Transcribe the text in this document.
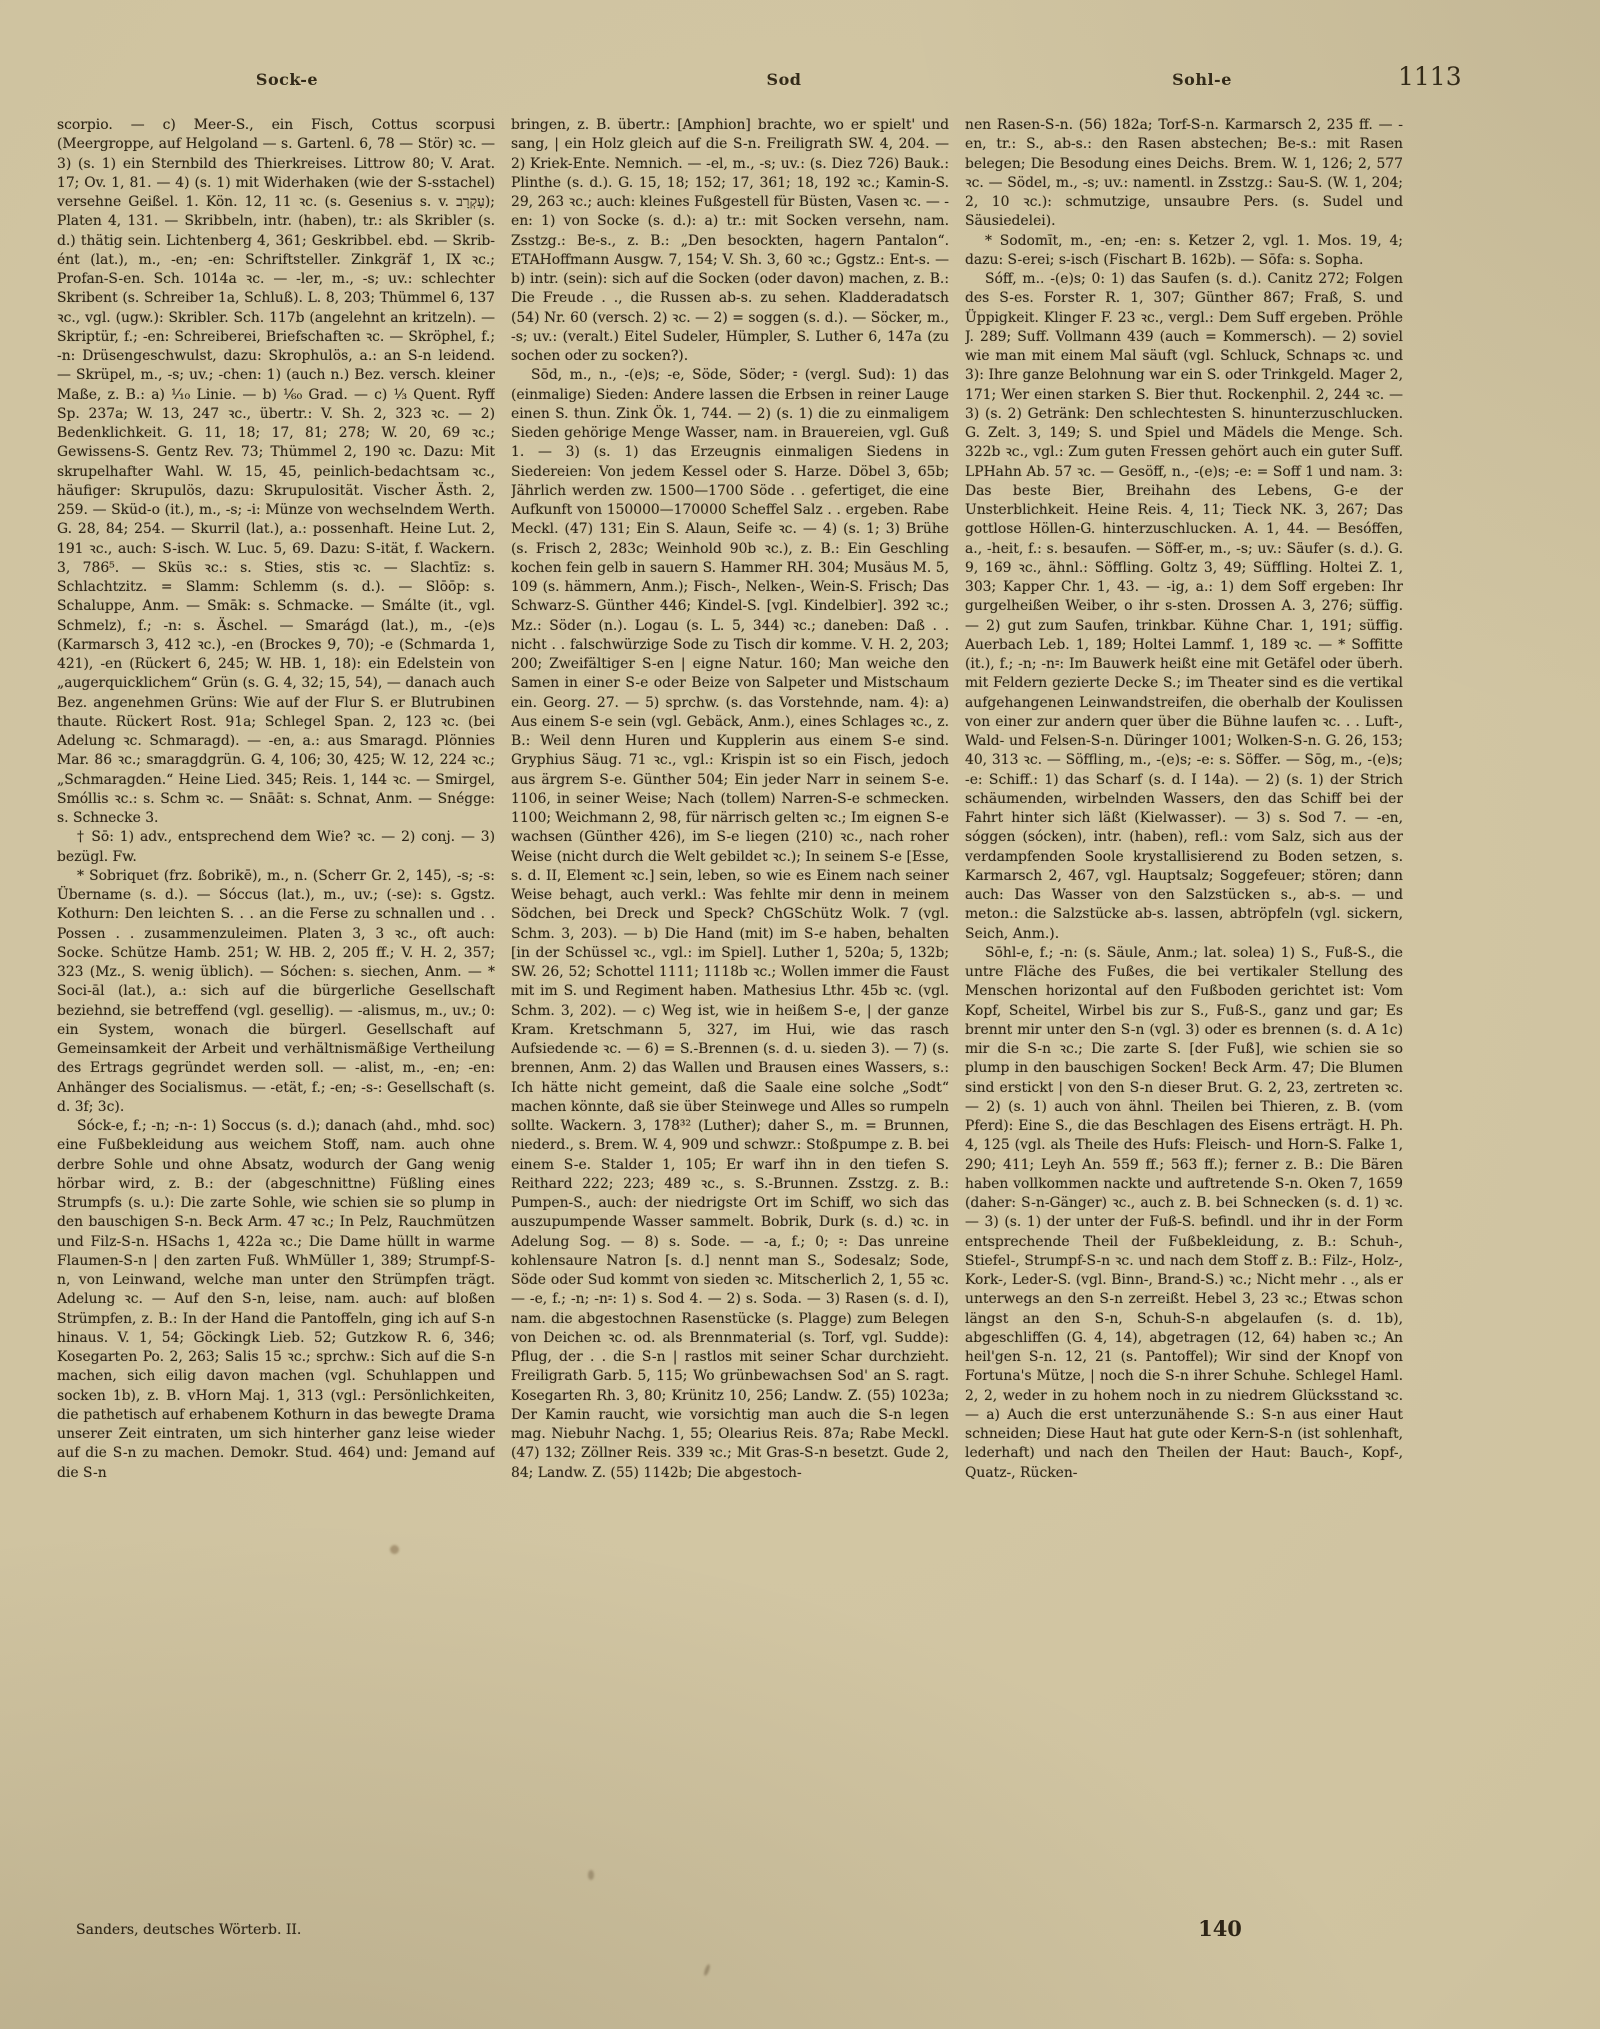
Sock-e	Sod	Sohl-e	1113

scorpio. — c) Meer-S., ein Fisch, Cottus scorpusi (Meergroppe, auf Helgoland — s. Gartenl. 6, 78 — Stör) ꝛc. — 3) (s. 1) ein Sternbild des Thierkreises. Littrow 80; V. Arat. 17; Ov. 1, 81. — 4) (s. 1) mit Widerhaken (wie der S-sstachel) versehne Geißel. 1. Kön. 12, 11 ꝛc. (s. Gesenius s. v. עַקְרָב); Platen 4, 131. — Skribbeln, intr. (haben), tr.: als Skribler (s. d.) thätig sein. Lichtenberg 4, 361; Geskribbel. ebd. — Skrib-ént (lat.), m., -en; -en: Schriftsteller. Zinkgräf 1, IX ꝛc.; Profan-S-en. Sch. 1014a ꝛc. — -ler, m., -s; uv.: schlechter Skribent (s. Schreiber 1a, Schluß). L. 8, 203; Thümmel 6, 137 ꝛc., vgl. (ugw.): Skribler. Sch. 117b (angelehnt an kritzeln). — Skriptür, f.; -en: Schreiberei, Briefschaften ꝛc. — Skröphel, f.; -n: Drüsengeschwulst, dazu: Skrophulös, a.: an S-n leidend. — Skrüpel, m., -s; uv.; -chen: 1) (auch n.) Bez. versch. kleiner Maße, z. B.: a) ¹⁄₁₀ Linie. — b) ¹⁄₆₀ Grad. — c) ¹⁄₃ Quent. Ryff Sp. 237a; W. 13, 247 ꝛc., übertr.: V. Sh. 2, 323 ꝛc. — 2) Bedenklichkeit. G. 11, 18; 17, 81; 278; W. 20, 69 ꝛc.; Gewissens-S. Gentz Rev. 73; Thümmel 2, 190 ꝛc. Dazu: Mit skrupelhafter Wahl. W. 15, 45, peinlich-bedachtsam ꝛc., häufiger: Skrupulös, dazu: Skrupulosität. Vischer Ästh. 2, 259. — Sküd-o (it.), m., -s; -i: Münze von wechselndem Werth. G. 28, 84; 254. — Skurril (lat.), a.: possenhaft. Heine Lut. 2, 191 ꝛc., auch: S-isch. W. Luc. 5, 69. Dazu: S-ität, f. Wackern. 3, 786⁵. — Sküs ꝛc.: s. Sties, stis ꝛc. — Slachtīz: s. Schlachtzitz. = Slamm: Schlemm (s. d.). — Slōōp: s. Schaluppe, Anm. — Smāk: s. Schmacke. — Smálte (it., vgl. Schmelz), f.; -n: s. Äschel. — Smarágd (lat.), m., -(e)s (Karmarsch 3, 412 ꝛc.), -en (Brockes 9, 70); -e (Schmarda 1, 421), -en (Rückert 6, 245; W. HB. 1, 18): ein Edelstein von „augerquicklichem“ Grün (s. G. 4, 32; 15, 54), — danach auch Bez. angenehmen Grüns: Wie auf der Flur S. er Blutrubinen thaute. Rückert Rost. 91a; Schlegel Span. 2, 123 ꝛc. (bei Adelung ꝛc. Schmaragd). — -en, a.: aus Smaragd. Plönnies Mar. 86 ꝛc.; smaragdgrün. G. 4, 106; 30, 425; W. 12, 224 ꝛc.; „Schmaragden.“ Heine Lied. 345; Reis. 1, 144 ꝛc. — Smirgel, Smóllis ꝛc.: s. Schm ꝛc. — Snāāt: s. Schnat, Anm. — Snégge: s. Schnecke 3.

† Sō: 1) adv., entsprechend dem Wie? ꝛc. — 2) conj. — 3) bezügl. Fw.

* Sobriquet (frz. ßobrikē), m., n. (Scherr Gr. 2, 145), -s; -s: Übername (s. d.). — Sóccus (lat.), m., uv.; (-se): s. Ggstz. Kothurn: Den leichten S. . . an die Ferse zu schnallen und . . Possen . . zusammenzuleimen. Platen 3, 3 ꝛc., oft auch: Socke. Schütze Hamb. 251; W. HB. 2, 205 ff.; V. H. 2, 357; 323 (Mz., S. wenig üblich). — Sóchen: s. siechen, Anm. — * Soci-āl (lat.), a.: sich auf die bürgerliche Gesellschaft beziehnd, sie betreffend (vgl. gesellig). — -alismus, m., uv.; 0: ein System, wonach die bürgerl. Gesellschaft auf Gemeinsamkeit der Arbeit und verhältnismäßige Vertheilung des Ertrags gegründet werden soll. — -alist, m., -en; -en: Anhänger des Socialismus. — -etät, f.; -en; -s-: Gesellschaft (s. d. 3f; 3c).

Sóck-e, f.; -n; -n-: 1) Soccus (s. d.); danach (ahd., mhd. soc) eine Fußbekleidung aus weichem Stoff, nam. auch ohne derbre Sohle und ohne Absatz, wodurch der Gang wenig hörbar wird, z. B.: der (abgeschnittne) Füßling eines Strumpfs (s. u.): Die zarte Sohle, wie schien sie so plump in den bauschigen S-n. Beck Arm. 47 ꝛc.; In Pelz, Rauchmützen und Filz-S-n. HSachs 1, 422a ꝛc.; Die Dame hüllt in warme Flaumen-S-n | den zarten Fuß. WhMüller 1, 389; Strumpf-S-n, von Leinwand, welche man unter den Strümpfen trägt. Adelung ꝛc. — Auf den S-n, leise, nam. auch: auf bloßen Strümpfen, z. B.: In der Hand die Pantoffeln, ging ich auf S-n hinaus. V. 1, 54; Göckingk Lieb. 52; Gutzkow R. 6, 346; Kosegarten Po. 2, 263; Salis 15 ꝛc.; sprchw.: Sich auf die S-n machen, sich eilig davon machen (vgl. Schuhlappen und socken 1b), z. B. vHorn Maj. 1, 313 (vgl.: Persönlichkeiten, die pathetisch auf erhabenem Kothurn in das bewegte Drama unserer Zeit eintraten, um sich hinterher ganz leise wieder auf die S-n zu machen. Demokr. Stud. 464) und: Jemand auf die S-n

bringen, z. B. übertr.: [Amphion] brachte, wo er spielt' und sang, | ein Holz gleich auf die S-n. Freiligrath SW. 4, 204. — 2) Kriek-Ente. Nemnich. — -el, m., -s; uv.: (s. Diez 726) Bauk.: Plinthe (s. d.). G. 15, 18; 152; 17, 361; 18, 192 ꝛc.; Kamin-S. 29, 263 ꝛc.; auch: kleines Fußgestell für Büsten, Vasen ꝛc. — -en: 1) von Socke (s. d.): a) tr.: mit Socken versehn, nam. Zsstzg.: Be-s., z. B.: „Den besockten, hagern Pantalon“. ETAHoffmann Ausgw. 7, 154; V. Sh. 3, 60 ꝛc.; Ggstz.: Ent-s. — b) intr. (sein): sich auf die Socken (oder davon) machen, z. B.: Die Freude . ., die Russen ab-s. zu sehen. Kladderadatsch (54) Nr. 60 (versch. 2) ꝛc. — 2) = soggen (s. d.). — Söcker, m., -s; uv.: (veralt.) Eitel Sudeler, Hümpler, S. Luther 6, 147a (zu sochen oder zu socken?).

Sōd, m., n., -(e)s; -e, Söde, Söder; ⹀ (vergl. Sud): 1) das (einmalige) Sieden: Andere lassen die Erbsen in reiner Lauge einen S. thun. Zink Ök. 1, 744. — 2) (s. 1) die zu einmaligem Sieden gehörige Menge Wasser, nam. in Brauereien, vgl. Guß 1. — 3) (s. 1) das Erzeugnis einmaligen Siedens in Siedereien: Von jedem Kessel oder S. Harze. Döbel 3, 65b; Jährlich werden zw. 1500—1700 Söde . . gefertiget, die eine Aufkunft von 150000—170000 Scheffel Salz . . ergeben. Rabe Meckl. (47) 131; Ein S. Alaun, Seife ꝛc. — 4) (s. 1; 3) Brühe (s. Frisch 2, 283c; Weinhold 90b ꝛc.), z. B.: Ein Geschling kochen fein gelb in sauern S. Hammer RH. 304; Musäus M. 5, 109 (s. hämmern, Anm.); Fisch-, Nelken-, Wein-S. Frisch; Das Schwarz-S. Günther 446; Kindel-S. [vgl. Kindelbier]. 392 ꝛc.; Mz.: Söder (n.). Logau (s. L. 5, 344) ꝛc.; daneben: Daß . . nicht . . falschwürzige Sode zu Tisch dir komme. V. H. 2, 203; 200; Zweifältiger S-en | eigne Natur. 160; Man weiche den Samen in einer S-e oder Beize von Salpeter und Mistschaum ein. Georg. 27. — 5) sprchw. (s. das Vorstehnde, nam. 4): a) Aus einem S-e sein (vgl. Gebäck, Anm.), eines Schlages ꝛc., z. B.: Weil denn Huren und Kupplerin aus einem S-e sind. Gryphius Säug. 71 ꝛc., vgl.: Krispin ist so ein Fisch, jedoch aus ärgrem S-e. Günther 504; Ein jeder Narr in seinem S-e. 1106, in seiner Weise; Nach (tollem) Narren-S-e schmecken. 1100; Weichmann 2, 98, für närrisch gelten ꝛc.; Im eignen S-e wachsen (Günther 426), im S-e liegen (210) ꝛc., nach roher Weise (nicht durch die Welt gebildet ꝛc.); In seinem S-e [Esse, s. d. II, Element ꝛc.] sein, leben, so wie es Einem nach seiner Weise behagt, auch verkl.: Was fehlte mir denn in meinem Södchen, bei Dreck und Speck? ChGSchütz Wolk. 7 (vgl. Schm. 3, 203). — b) Die Hand (mit) im S-e haben, behalten [in der Schüssel ꝛc., vgl.: im Spiel]. Luther 1, 520a; 5, 132b; SW. 26, 52; Schottel 1111; 1118b ꝛc.; Wollen immer die Faust mit im S. und Regiment haben. Mathesius Lthr. 45b ꝛc. (vgl. Schm. 3, 202). — c) Weg ist, wie in heißem S-e, | der ganze Kram. Kretschmann 5, 327, im Hui, wie das rasch Aufsiedende ꝛc. — 6) = S.-Brennen (s. d. u. sieden 3). — 7) (s. brennen, Anm. 2) das Wallen und Brausen eines Wassers, s.: Ich hätte nicht gemeint, daß die Saale eine solche „Sodt“ machen könnte, daß sie über Steinwege und Alles so rumpeln sollte. Wackern. 3, 178³² (Luther); daher S., m. = Brunnen, niederd., s. Brem. W. 4, 909 und schwzr.: Stoßpumpe z. B. bei einem S-e. Stalder 1, 105; Er warf ihn in den tiefen S. Reithard 222; 223; 489 ꝛc., s. S.-Brunnen. Zsstzg. z. B.: Pumpen-S., auch: der niedrigste Ort im Schiff, wo sich das auszupumpende Wasser sammelt. Bobrik, Durk (s. d.) ꝛc. in Adelung Sog. — 8) s. Sode. — -a, f.; 0; ⹀: Das unreine kohlensaure Natron [s. d.] nennt man S., Sodesalz; Sode, Söde oder Sud kommt von sieden ꝛc. Mitscherlich 2, 1, 55 ꝛc. — -e, f.; -n; -n⹀: 1) s. Sod 4. — 2) s. Soda. — 3) Rasen (s. d. I), nam. die abgestochnen Rasenstücke (s. Plagge) zum Belegen von Deichen ꝛc. od. als Brennmaterial (s. Torf, vgl. Sudde): Pflug, der . . die S-n | rastlos mit seiner Schar durchzieht. Freiligrath Garb. 5, 115; Wo grünbewachsen Sod' an S. ragt. Kosegarten Rh. 3, 80; Krünitz 10, 256; Landw. Z. (55) 1023a; Der Kamin raucht, wie vorsichtig man auch die S-n legen mag. Niebuhr Nachg. 1, 55; Olearius Reis. 87a; Rabe Meckl. (47) 132; Zöllner Reis. 339 ꝛc.; Mit Gras-S-n besetzt. Gude 2, 84; Landw. Z. (55) 1142b; Die abgestoch-

nen Rasen-S-n. (56) 182a; Torf-S-n. Karmarsch 2, 235 ff. — -en, tr.: S., ab-s.: den Rasen abstechen; Be-s.: mit Rasen belegen; Die Besodung eines Deichs. Brem. W. 1, 126; 2, 577 ꝛc. — Södel, m., -s; uv.: namentl. in Zsstzg.: Sau-S. (W. 1, 204; 2, 10 ꝛc.): schmutzige, unsaubre Pers. (s. Sudel und Säusiedelei).

* Sodomīt, m., -en; -en: s. Ketzer 2, vgl. 1. Mos. 19, 4; dazu: S-erei; s-isch (Fischart B. 162b). — Sōfa: s. Sopha.

Sóff, m.. -(e)s; 0: 1) das Saufen (s. d.). Canitz 272; Folgen des S-es. Forster R. 1, 307; Günther 867; Fraß, S. und Üppigkeit. Klinger F. 23 ꝛc., vergl.: Dem Suff ergeben. Pröhle J. 289; Suff. Vollmann 439 (auch = Kommersch). — 2) soviel wie man mit einem Mal säuft (vgl. Schluck, Schnaps ꝛc. und 3): Ihre ganze Belohnung war ein S. oder Trinkgeld. Mager 2, 171; Wer einen starken S. Bier thut. Rockenphil. 2, 244 ꝛc. — 3) (s. 2) Getränk: Den schlechtesten S. hinunterzuschlucken. G. Zelt. 3, 149; S. und Spiel und Mädels die Menge. Sch. 322b ꝛc., vgl.: Zum guten Fressen gehört auch ein guter Suff. LPHahn Ab. 57 ꝛc. — Gesöff, n., -(e)s; -e: = Soff 1 und nam. 3: Das beste Bier, Breihahn des Lebens, G-e der Unsterblichkeit. Heine Reis. 4, 11; Tieck NK. 3, 267; Das gottlose Höllen-G. hinterzuschlucken. A. 1, 44. — Besóffen, a., -heit, f.: s. besaufen. — Söff-er, m., -s; uv.: Säufer (s. d.). G. 9, 169 ꝛc., ähnl.: Söffling. Goltz 3, 49; Süffling. Holtei Z. 1, 303; Kapper Chr. 1, 43. — -ig, a.: 1) dem Soff ergeben: Ihr gurgelheißen Weiber, o ihr s-sten. Drossen A. 3, 276; süffig. — 2) gut zum Saufen, trinkbar. Kühne Char. 1, 191; süffig. Auerbach Leb. 1, 189; Holtei Lammf. 1, 189 ꝛc. — * Soffitte (it.), f.; -n; -n⹀: Im Bauwerk heißt eine mit Getäfel oder überh. mit Feldern gezierte Decke S.; im Theater sind es die vertikal aufgehangenen Leinwandstreifen, die oberhalb der Koulissen von einer zur andern quer über die Bühne laufen ꝛc. . . Luft-, Wald- und Felsen-S-n. Düringer 1001; Wolken-S-n. G. 26, 153; 40, 313 ꝛc. — Söffling, m., -(e)s; -e: s. Söffer. — Sōg, m., -(e)s; -e: Schiff.: 1) das Scharf (s. d. I 14a). — 2) (s. 1) der Strich schäumenden, wirbelnden Wassers, den das Schiff bei der Fahrt hinter sich läßt (Kielwasser). — 3) s. Sod 7. — -en, sóggen (sócken), intr. (haben), refl.: vom Salz, sich aus der verdampfenden Soole krystallisierend zu Boden setzen, s. Karmarsch 2, 467, vgl. Hauptsalz; Soggefeuer; stören; dann auch: Das Wasser von den Salzstücken s., ab-s. — und meton.: die Salzstücke ab-s. lassen, abtröpfeln (vgl. sickern, Seich, Anm.).

Sōhl-e, f.; -n: (s. Säule, Anm.; lat. solea) 1) S., Fuß-S., die untre Fläche des Fußes, die bei vertikaler Stellung des Menschen horizontal auf den Fußboden gerichtet ist: Vom Kopf, Scheitel, Wirbel bis zur S., Fuß-S., ganz und gar; Es brennt mir unter den S-n (vgl. 3) oder es brennen (s. d. A 1c) mir die S-n ꝛc.; Die zarte S. [der Fuß], wie schien sie so plump in den bauschigen Socken! Beck Arm. 47; Die Blumen sind erstickt | von den S-n dieser Brut. G. 2, 23, zertreten ꝛc. — 2) (s. 1) auch von ähnl. Theilen bei Thieren, z. B. (vom Pferd): Eine S., die das Beschlagen des Eisens erträgt. H. Ph. 4, 125 (vgl. als Theile des Hufs: Fleisch- und Horn-S. Falke 1, 290; 411; Leyh An. 559 ff.; 563 ff.); ferner z. B.: Die Bären haben vollkommen nackte und auftretende S-n. Oken 7, 1659 (daher: S-n-Gänger) ꝛc., auch z. B. bei Schnecken (s. d. 1) ꝛc. — 3) (s. 1) der unter der Fuß-S. befindl. und ihr in der Form entsprechende Theil der Fußbekleidung, z. B.: Schuh-, Stiefel-, Strumpf-S-n ꝛc. und nach dem Stoff z. B.: Filz-, Holz-, Kork-, Leder-S. (vgl. Binn-, Brand-S.) ꝛc.; Nicht mehr . ., als er unterwegs an den S-n zerreißt. Hebel 3, 23 ꝛc.; Etwas schon längst an den S-n, Schuh-S-n abgelaufen (s. d. 1b), abgeschliffen (G. 4, 14), abgetragen (12, 64) haben ꝛc.; An heil'gen S-n. 12, 21 (s. Pantoffel); Wir sind der Knopf von Fortuna's Mütze, | noch die S-n ihrer Schuhe. Schlegel Haml. 2, 2, weder in zu hohem noch in zu niedrem Glücksstand ꝛc. — a) Auch die erst unterzunähende S.: S-n aus einer Haut schneiden; Diese Haut hat gute oder Kern-S-n (ist sohlenhaft, lederhaft) und nach den Theilen der Haut: Bauch-, Kopf-, Quatz-, Rücken-

Sanders, deutsches Wörterb. II.	140
